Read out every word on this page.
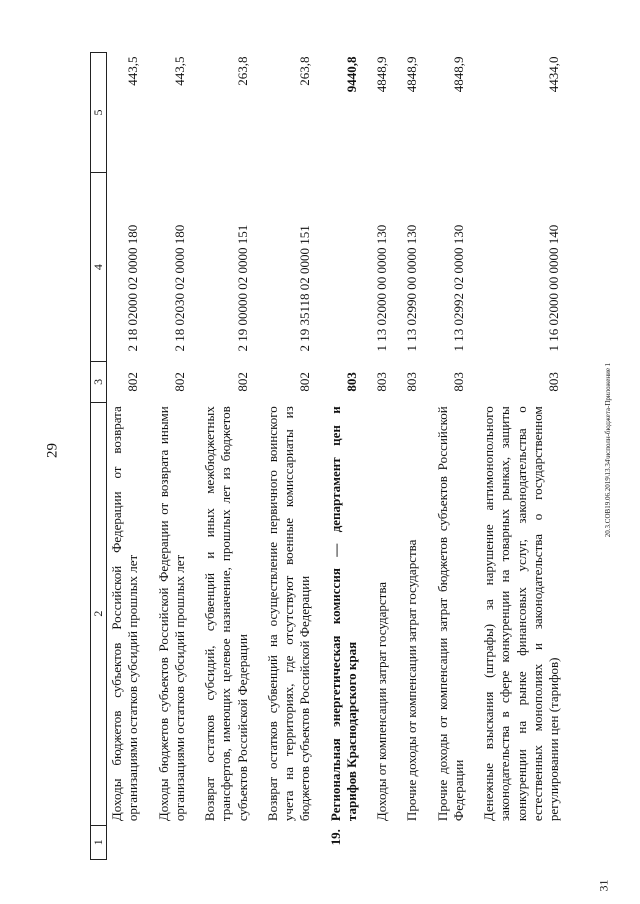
29	20.3.СОВ19.06.2019\13.34\исполн-бюджета-Приложение 1
31
1	2	3	4	5
	Доходы бюджетов субъектов Российской Федерации от возврата организациями остатков субсидий прошлых лет	802	2 18 02000 02 0000 180	443,5
	Доходы бюджетов субъектов Российской Федерации от возврата иными организациями остатков субсидий прошлых лет	802	2 18 02030 02 0000 180	443,5
	Возврат остатков субсидий, субвенций и иных межбюджетных трансфертов, имеющих целевое назначение, прошлых лет из бюджетов субъектов Российской Федерации	802	2 19 00000 02 0000 151	263,8
	Возврат остатков субвенций на осуществление первичного воинского учета на территориях, где отсутствуют военные комиссариаты из бюджетов субъектов Российской Федерации	802	2 19 35118 02 0000 151	263,8
19.	Региональная энергетическая комиссия — департамент цен и тарифов Краснодарского края	803		9440,8
	Доходы от компенсации затрат государства	803	1 13 02000 00 0000 130	4848,9
	Прочие доходы от компенсации затрат государства	803	1 13 02990 00 0000 130	4848,9
	Прочие доходы от компенсации затрат бюджетов субъектов Российской Федерации	803	1 13 02992 02 0000 130	4848,9
	Денежные взыскания (штрафы) за нарушение антимонопольного законодательства в сфере конкуренции на товарных рынках, защиты конкуренции на рынке финансовых услуг, законодательства о естественных монополиях и законодательства о государственном регулировании цен (тарифов)	803	1 16 02000 00 0000 140	4434,0
